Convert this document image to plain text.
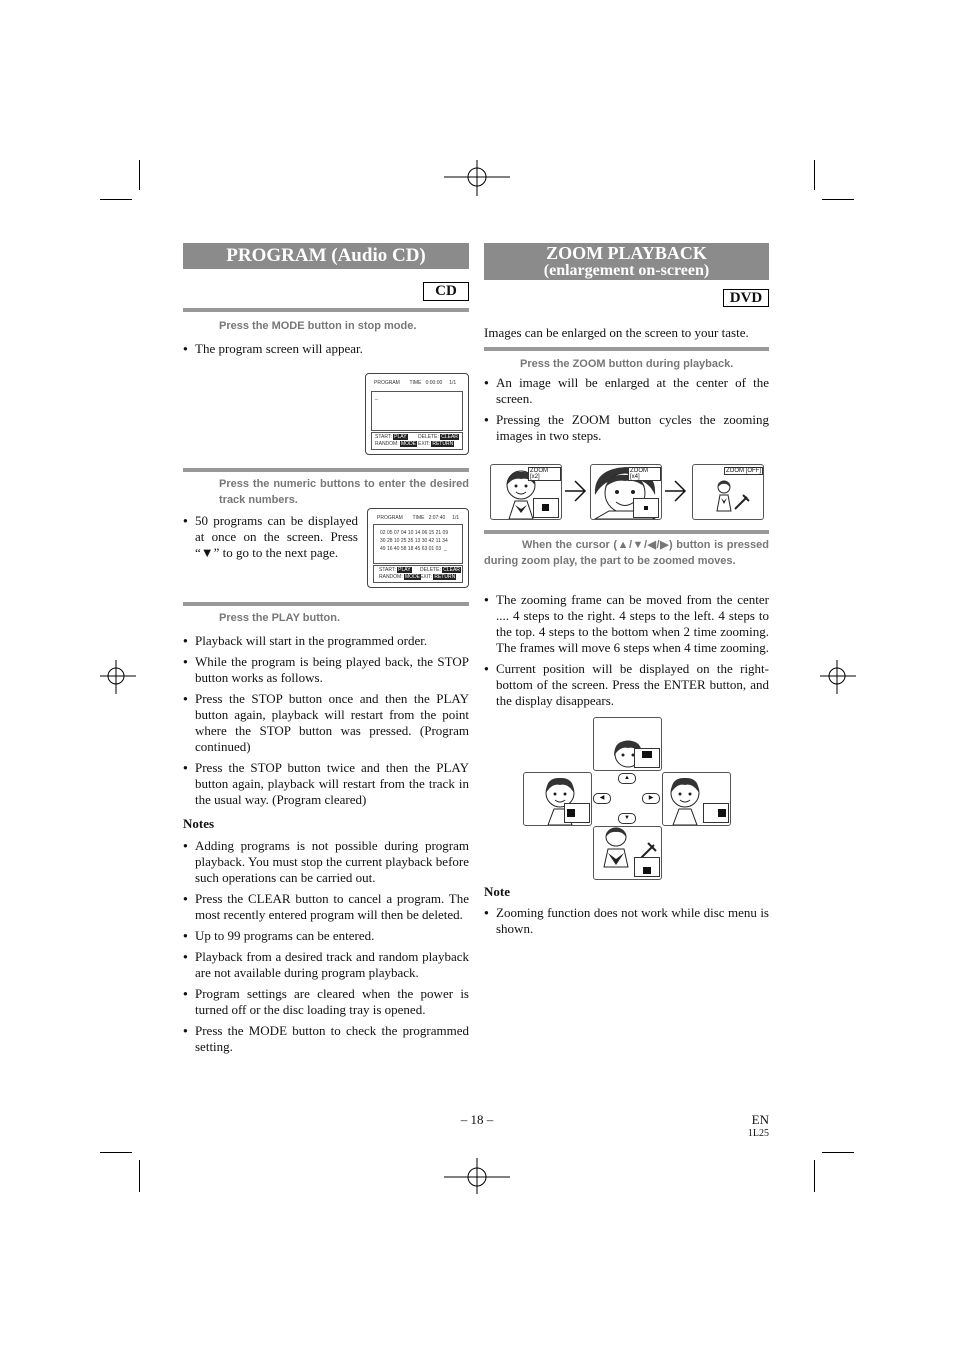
PROGRAM (Audio CD)
CD
Press the MODE button in stop mode.
● The program screen will appear.
PROGRAM       TIME   0:00:00     1/1
_
START: PLAY DELETE: CLEAR
RANDOM: MODE EXIT: RETURN
Press the numeric buttons to enter the desired track numbers.
● 50 programs can be displayed at once on the screen. Press “▼” to go to the next page.
PROGRAM       TIME   2:07:40     1/1
02 05 07 04 10 14 06 15 21 09
30 28 10 25 35 13 30 42 11 34
49 16 40 58 18 45 63 01 03  _
START: PLAY DELETE: CLEAR
RANDOM: MODE EXIT: RETURN
Press the PLAY button.
● Playback will start in the programmed order.
● While the program is being played back, the STOP button works as follows.
● Press the STOP button once and then the PLAY button again, playback will restart from the point where the STOP button was pressed. (Program continued)
● Press the STOP button twice and then the PLAY button again, playback will restart from the track in the usual way. (Program cleared)
Notes
● Adding programs is not possible during program playback. You must stop the current playback before such operations can be carried out.
● Press the CLEAR button to cancel a program. The most recently entered program will then be deleted.
● Up to 99 programs can be entered.
● Playback from a desired track and random playback are not available during program playback.
● Program settings are cleared when the power is turned off or the disc loading tray is opened.
● Press the MODE button to check the programmed setting.
ZOOM PLAYBACK
(enlargement on-screen)
DVD
Images can be enlarged on the screen to your taste.
Press the ZOOM button during playback.
● An image will be enlarged at the center of the screen.
● Pressing the ZOOM button cycles the zooming images in two steps.
ZOOM [x2]
ZOOM [x4]
ZOOM [OFF]
When the cursor (▲/▼/◀/▶) button is pressed during zoom play, the part to be zoomed moves.
● The zooming frame can be moved from the center .... 4 steps to the right. 4 steps to the left. 4 steps to the top. 4 steps to the bottom when 2 time zooming. The frames will move 6 steps when 4 time zooming.
● Current position will be displayed on the right-bottom of the screen. Press the ENTER button, and the display disappears.
▲
◀	▶
▼
Note
● Zooming function does not work while disc menu is shown.
– 18 –	EN
1L25
